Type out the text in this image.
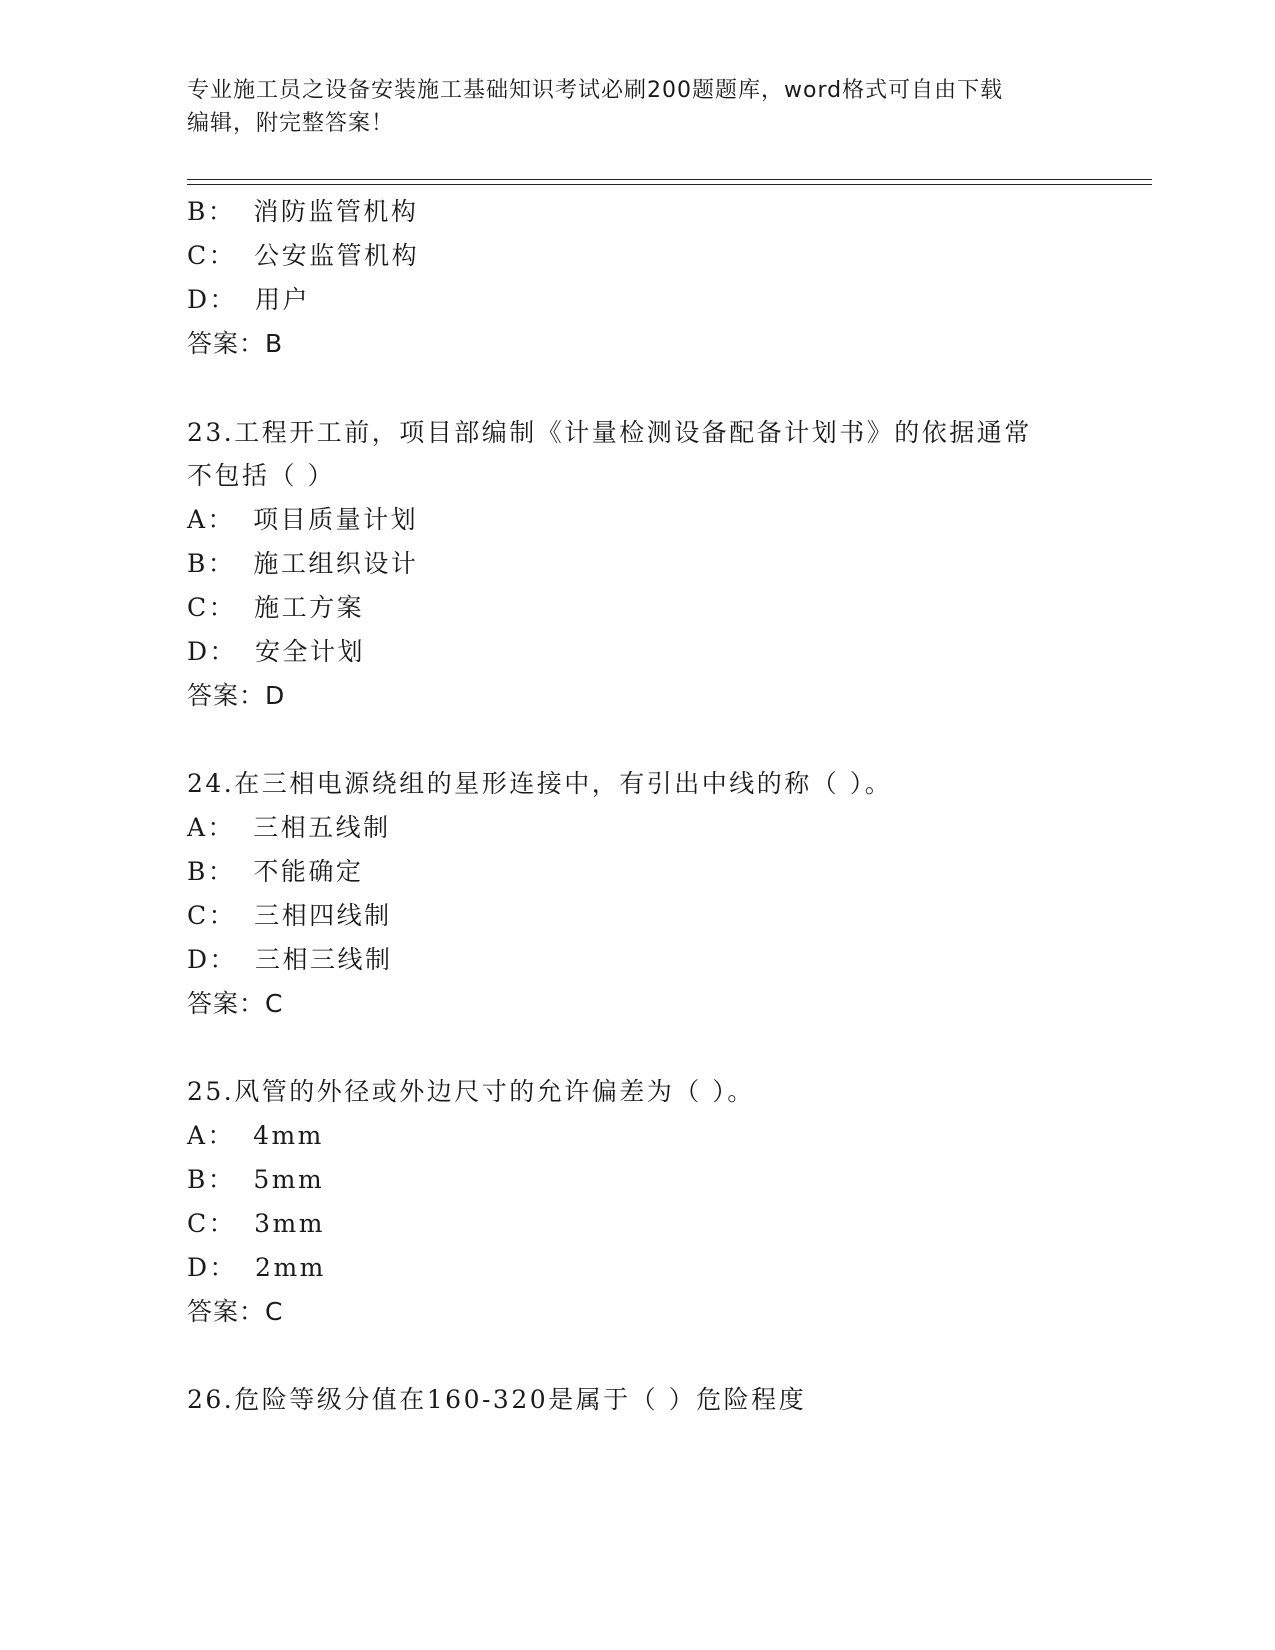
专业施工员之设备安装施工基础知识考试必刷200题题库，word格式可自由下载
编辑，附完整答案！
B： 消防监管机构
C： 公安监管机构
D： 用户
答案：B
23.工程开工前，项目部编制《计量检测设备配备计划书》的依据通常
不包括（ ）
A： 项目质量计划
B： 施工组织设计
C： 施工方案
D： 安全计划
答案：D
24.在三相电源绕组的星形连接中，有引出中线的称（ ）。
A： 三相五线制
B： 不能确定
C： 三相四线制
D： 三相三线制
答案：C
25.风管的外径或外边尺寸的允许偏差为（ ）。
A： 4mm
B： 5mm
C： 3mm
D： 2mm
答案：C
26.危险等级分值在160-320是属于（ ）危险程度
